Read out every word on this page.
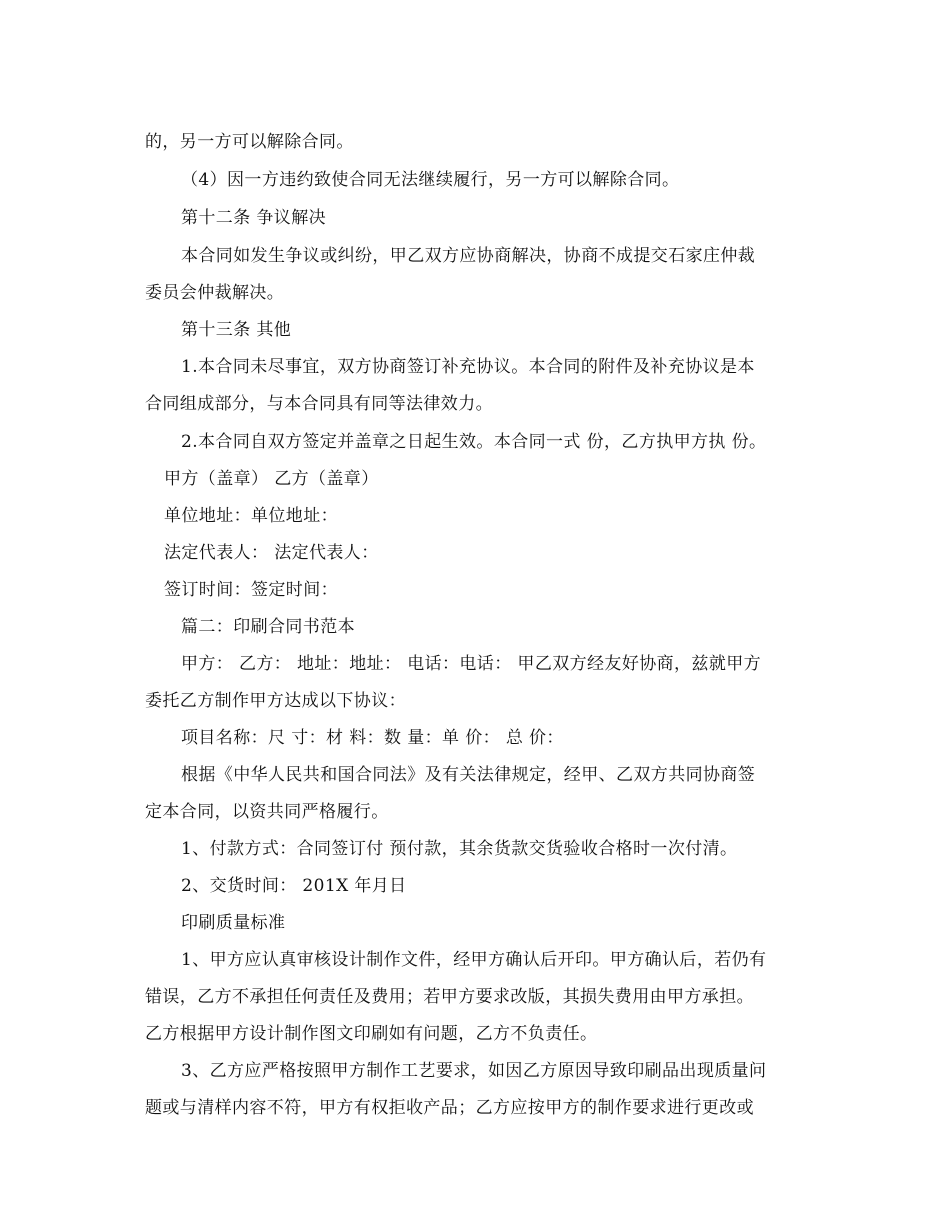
的，另一方可以解除合同。
（4）因一方违约致使合同无法继续履行，另一方可以解除合同。
第十二条 争议解决
本合同如发生争议或纠纷，甲乙双方应协商解决，协商不成提交石家庄仲裁
委员会仲裁解决。
第十三条 其他
1.本合同未尽事宜，双方协商签订补充协议。本合同的附件及补充协议是本
合同组成部分，与本合同具有同等法律效力。
2.本合同自双方签定并盖章之日起生效。本合同一式 份，乙方执甲方执 份。
甲方（盖章） 乙方（盖章）
单位地址：单位地址：
法定代表人： 法定代表人：
签订时间：签定时间：
篇二：印刷合同书范本
甲方： 乙方： 地址：地址： 电话：电话： 甲乙双方经友好协商，兹就甲方
委托乙方制作甲方达成以下协议：
项目名称：尺 寸：材 料：数 量：单 价： 总 价：
根据《中华人民共和国合同法》及有关法律规定，经甲、乙双方共同协商签
定本合同，以资共同严格履行。
1、付款方式：合同签订付 预付款，其余货款交货验收合格时一次付清。
2、交货时间： 201X 年月日
印刷质量标准
1、甲方应认真审核设计制作文件，经甲方确认后开印。甲方确认后，若仍有
错误，乙方不承担任何责任及费用；若甲方要求改版，其损失费用由甲方承担。
乙方根据甲方设计制作图文印刷如有问题，乙方不负责任。
3、乙方应严格按照甲方制作工艺要求，如因乙方原因导致印刷品出现质量问
题或与清样内容不符，甲方有权拒收产品；乙方应按甲方的制作要求进行更改或
